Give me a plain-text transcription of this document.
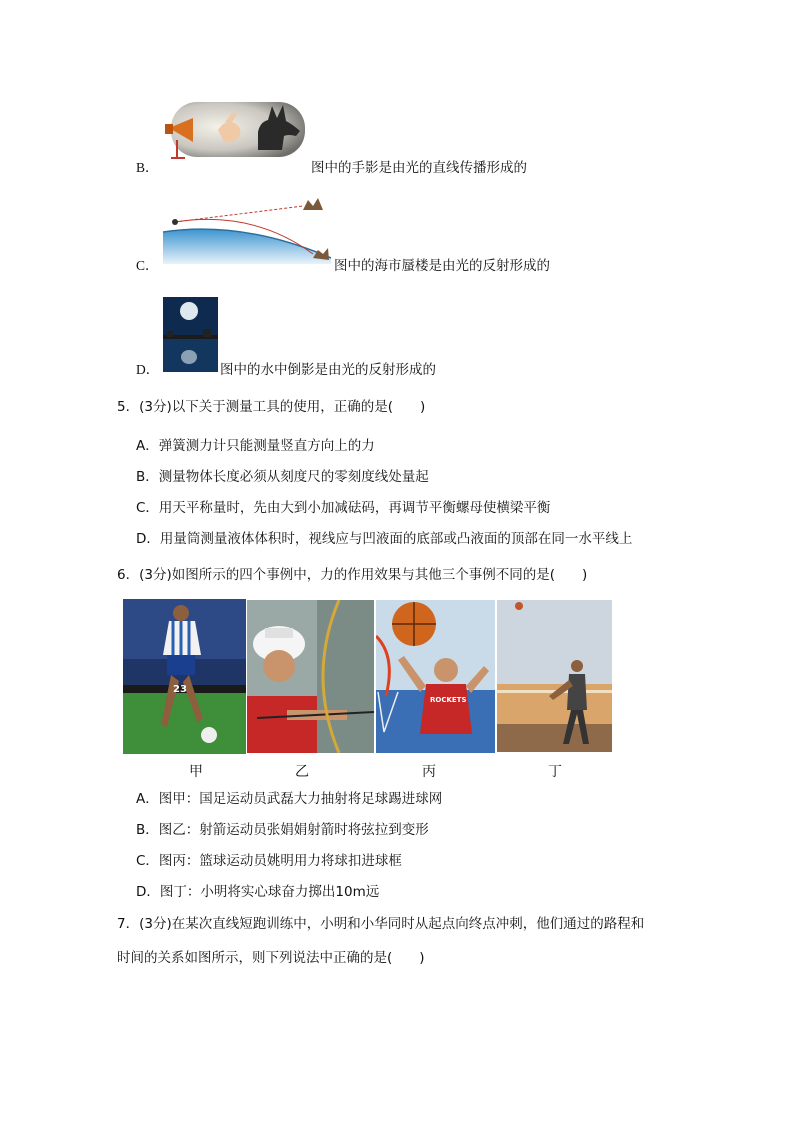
B．	图中的手影是由光的直线传播形成的
C．	图中的海市蜃楼是由光的反射形成的
D．	图中的水中倒影是由光的反射形成的
5．(3分)以下关于测量工具的使用，正确的是(　　)
A．弹簧测力计只能测量竖直方向上的力
B．测量物体长度必须从刻度尺的零刻度线处量起
C．用天平称量时，先由大到小加减砝码，再调节平衡螺母使横梁平衡
D．用量筒测量液体体积时，视线应与凹液面的底部或凸液面的顶部在同一水平线上
6．(3分)如图所示的四个事例中，力的作用效果与其他三个事例不同的是(　　)
23
ROCKETS
甲	乙	丙	丁
A．图甲：国足运动员武磊大力抽射将足球踢进球网
B．图乙：射箭运动员张娟娟射箭时将弦拉到变形
C．图丙：篮球运动员姚明用力将球扣进球框
D．图丁：小明将实心球奋力掷出10m远
7．(3分)在某次直线短跑训练中，小明和小华同时从起点向终点冲刺，他们通过的路程和
时间的关系如图所示，则下列说法中正确的是(　　)
